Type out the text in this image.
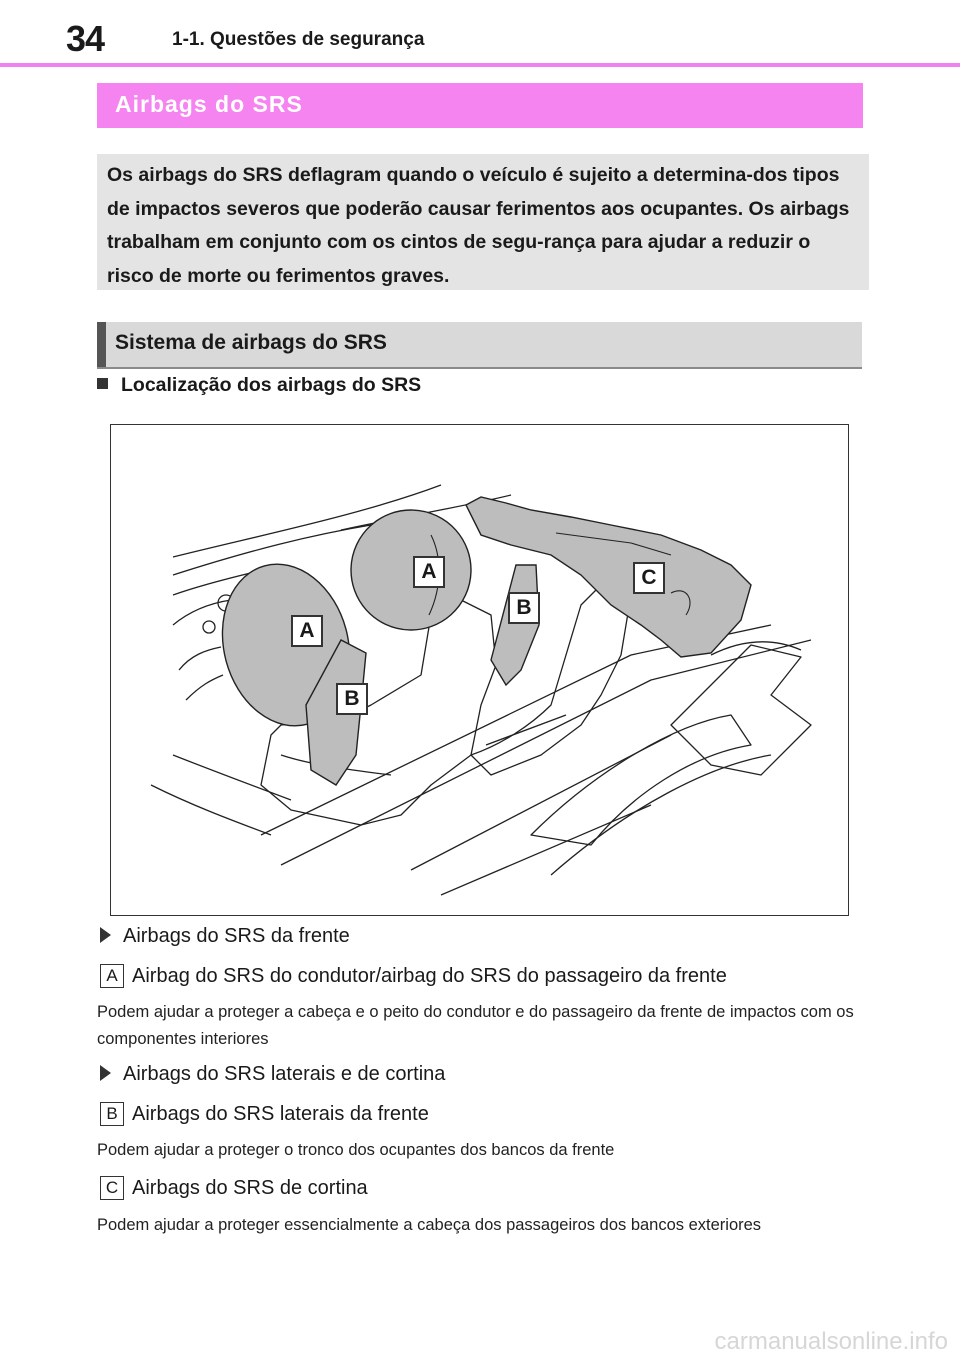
34	1-1. Questões de segurança
Airbags do SRS
Os airbags do SRS deflagram quando o veículo é sujeito a determina-dos tipos de impactos severos que poderão causar ferimentos aos ocupantes. Os airbags trabalham em conjunto com os cintos de segu-rança para ajudar a reduzir o risco de morte ou ferimentos graves.
Sistema de airbags do SRS
Localização dos airbags do SRS
A
A
B
B
C
Airbags do SRS da frente
A Airbag do SRS do condutor/airbag do SRS do passageiro da frente
Podem ajudar a proteger a cabeça e o peito do condutor e do passageiro da frente de impactos com os componentes interiores
Airbags do SRS laterais e de cortina
B Airbags do SRS laterais da frente
Podem ajudar a proteger o tronco dos ocupantes dos bancos da frente
C Airbags do SRS de cortina
Podem ajudar a proteger essencialmente a cabeça dos passageiros dos bancos exteriores
carmanualsonline.info
